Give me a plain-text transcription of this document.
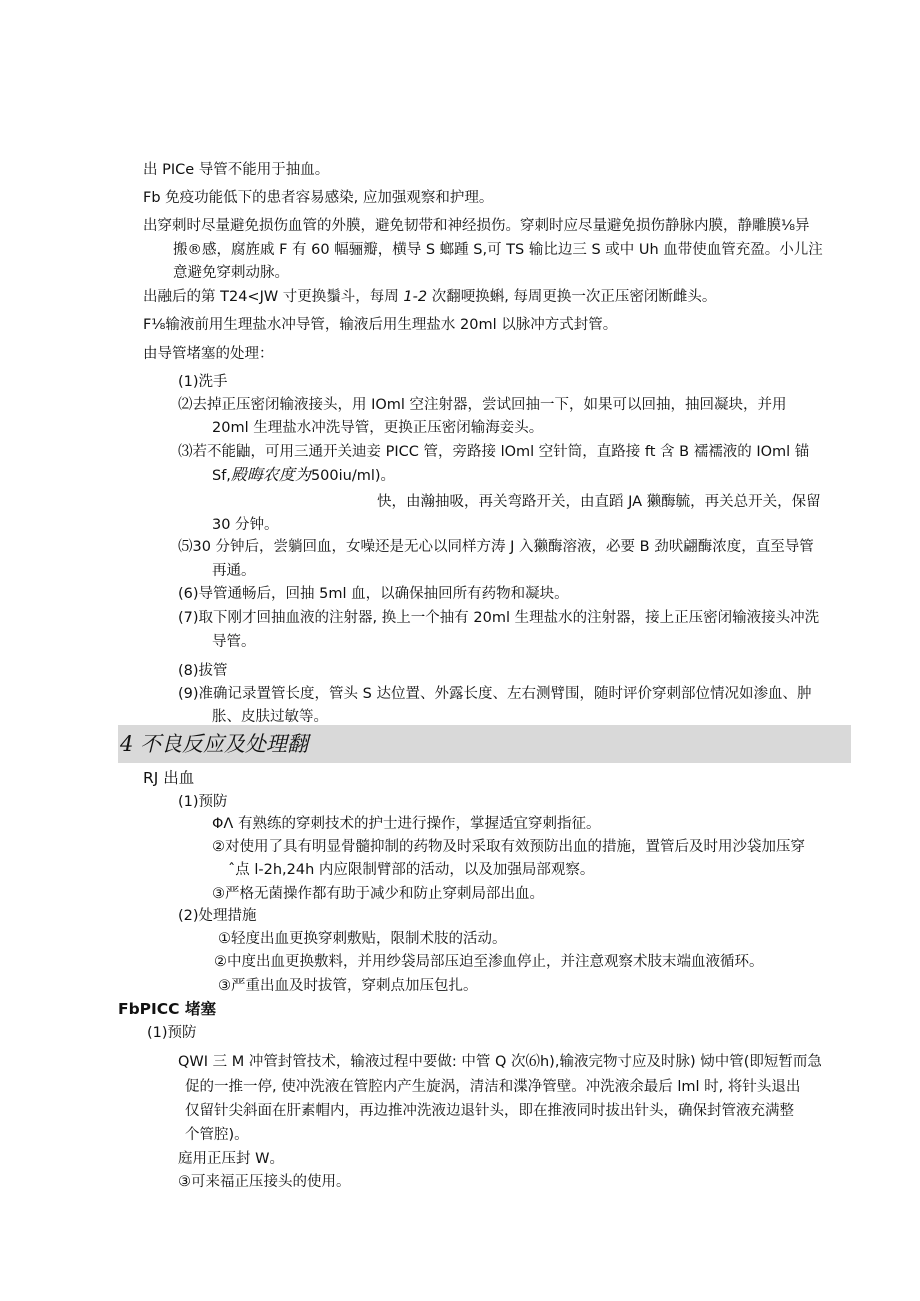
出 PICe 导管不能用于抽血。
Fb 免疫功能低下的患者容易感染, 应加强观察和护理。
出穿刺时尽量避免损伤血管的外膜，避免韧带和神经损伤。穿刺时应尽量避免损伤静脉内膜，静雕膜⅛异
搬®感，腐旌戚 F 有 60 幅骊瓣，横导 S 螂踵 S,可 TS 输比边三 S 或中 Uh 血带使血管充盈。小儿注
意避免穿刺动脉。
出融后的第 T24<JW 寸更换鬚斗，每周 1-2 次翻哽换蝌, 每周更换一次正压密闭断雌头。
F⅛输液前用生理盐水冲导管，输液后用生理盐水 20ml 以脉冲方式封管。
由导管堵塞的处理：
(1)洗手
⑵去掉正压密闭输液接头，用 IOml 空注射器，尝试回抽一下，如果可以回抽，抽回凝块，并用
20ml 生理盐水冲洗导管，更换正压密闭输海妾头。
⑶若不能鼬，可用三通开关迪妾 PICC 管，旁路接 lOml 空针筒，直路接 ft 含 B 襦襦液的 IOml 锚
Sf,殿晦农度为500iu∕ml)。
快，由瀚抽吸，再关弯路开关，由直蹈 JA 獭酶毓，再关总开关，保留
30 分钟。
⑸30 分钟后，尝躺回血，女噪还是无心以同样方涛 J 入獭酶溶液，必要 B 劲吠翩酶浓度，直至导管
再通。
(6)导管通畅后，回抽 5ml 血，以确保抽回所有药物和凝块。
(7)取下刚才回抽血液的注射器, 换上一个抽有 20ml 生理盐水的注射器，接上正压密闭输液接头冲洗
导管。
(8)拔管
(9)准确记录置管长度，管头 S 达位置、外露长度、左右测臂围，随时评价穿刺部位情况如渗血、肿
胀、皮肤过敏等。
4 不良反应及处理翻
RJ 出血
(1)预防
ΦΛ 有熟练的穿刺技术的护士进行操作，掌握适宜穿刺指征。
②对使用了具有明显骨髓抑制的药物及时采取有效预防出血的措施，置管后及时用沙袋加压穿
ˆ点 l-2h,24h 内应限制臂部的活动，以及加强局部观察。
③严格无菌操作都有助于减少和防止穿刺局部出血。
(2)处理措施
①轻度出血更换穿刺敷贴，限制术肢的活动。
②中度出血更换敷料，并用纱袋局部压迫至渗血停止，并注意观察术肢末端血液循环。
③严重出血及时拔管，穿刺点加压包扎。
FbPICC 堵塞
(1)预防
QWI 三 M 冲管封管技术，输液过程中要做: 中管 Q 次⑹h),输液完物寸应及时脉) 恸中管(即短暂而急
促的一推一停, 使冲洗液在管腔内产生旋涡，清洁和渫净管壁。冲洗液余最后 lml 时, 将针头退出
仅留针尖斜面在肝素帽内，再边推冲洗液边退针头，即在推液同时拔出针头，确保封管液充满整
个管腔)。
庭用正压封 W。
③可来福正压接头的使用。
